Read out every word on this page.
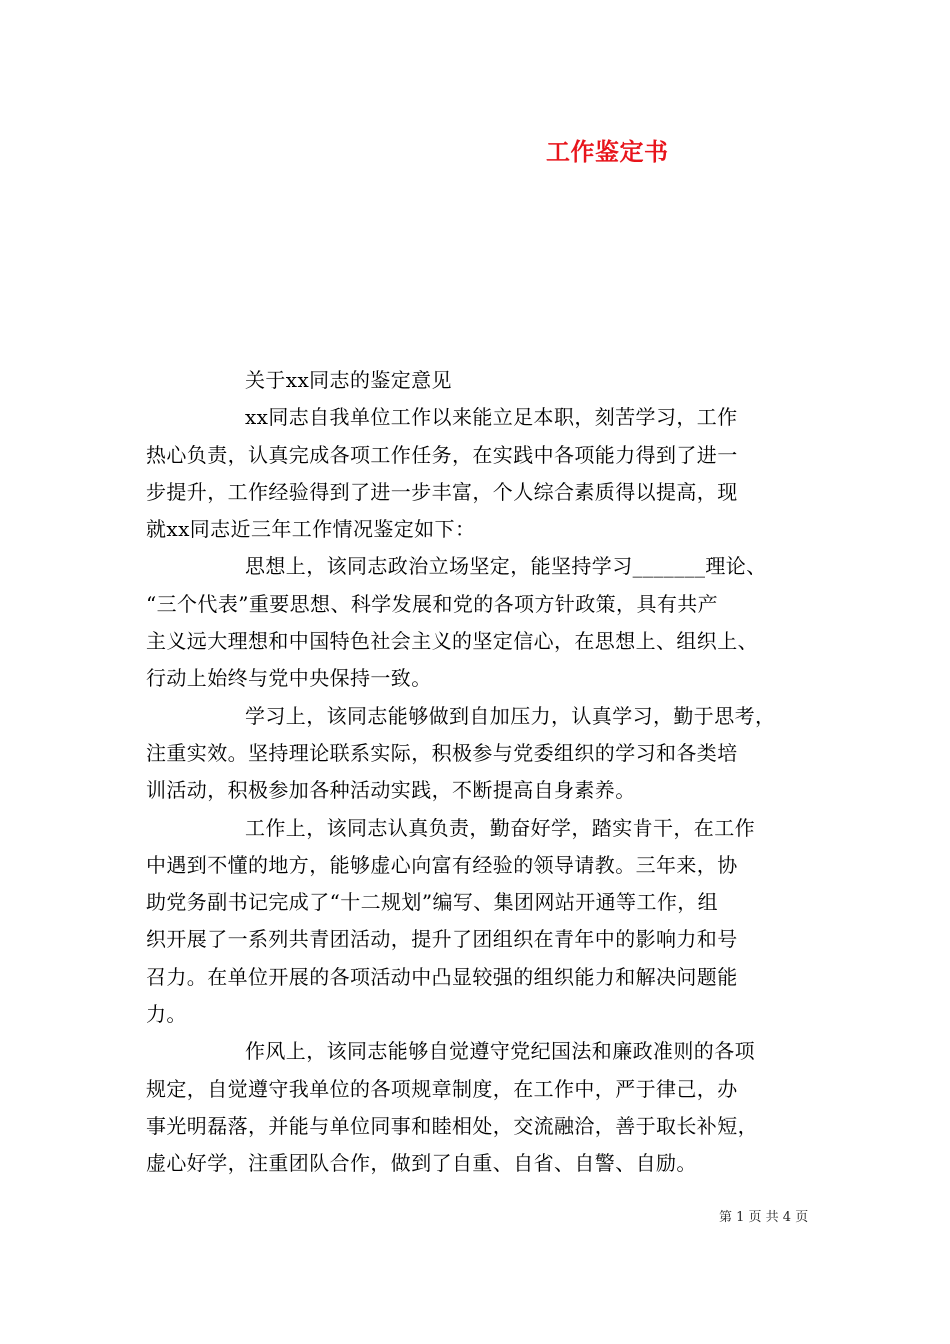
工作鉴定书
关于xx同志的鉴定意见
xx同志自我单位工作以来能立足本职，刻苦学习，工作
热心负责，认真完成各项工作任务，在实践中各项能力得到了进一
步提升，工作经验得到了进一步丰富，个人综合素质得以提高，现
就xx同志近三年工作情况鉴定如下：
思想上，该同志政治立场坚定，能坚持学习_______理论、
“三个代表”重要思想、科学发展和党的各项方针政策，具有共产
主义远大理想和中国特色社会主义的坚定信心，在思想上、组织上、
行动上始终与党中央保持一致。
学习上，该同志能够做到自加压力，认真学习，勤于思考，
注重实效。坚持理论联系实际，积极参与党委组织的学习和各类培
训活动，积极参加各种活动实践，不断提高自身素养。
工作上，该同志认真负责，勤奋好学，踏实肯干，在工作
中遇到不懂的地方，能够虚心向富有经验的领导请教。三年来，协
助党务副书记完成了“十二规划”编写、集团网站开通等工作，组
织开展了一系列共青团活动，提升了团组织在青年中的影响力和号
召力。在单位开展的各项活动中凸显较强的组织能力和解决问题能
力。
作风上，该同志能够自觉遵守党纪国法和廉政准则的各项
规定，自觉遵守我单位的各项规章制度，在工作中，严于律己，办
事光明磊落，并能与单位同事和睦相处，交流融洽，善于取长补短，
虚心好学，注重团队合作，做到了自重、自省、自警、自励。
第 1 页 共 4 页
